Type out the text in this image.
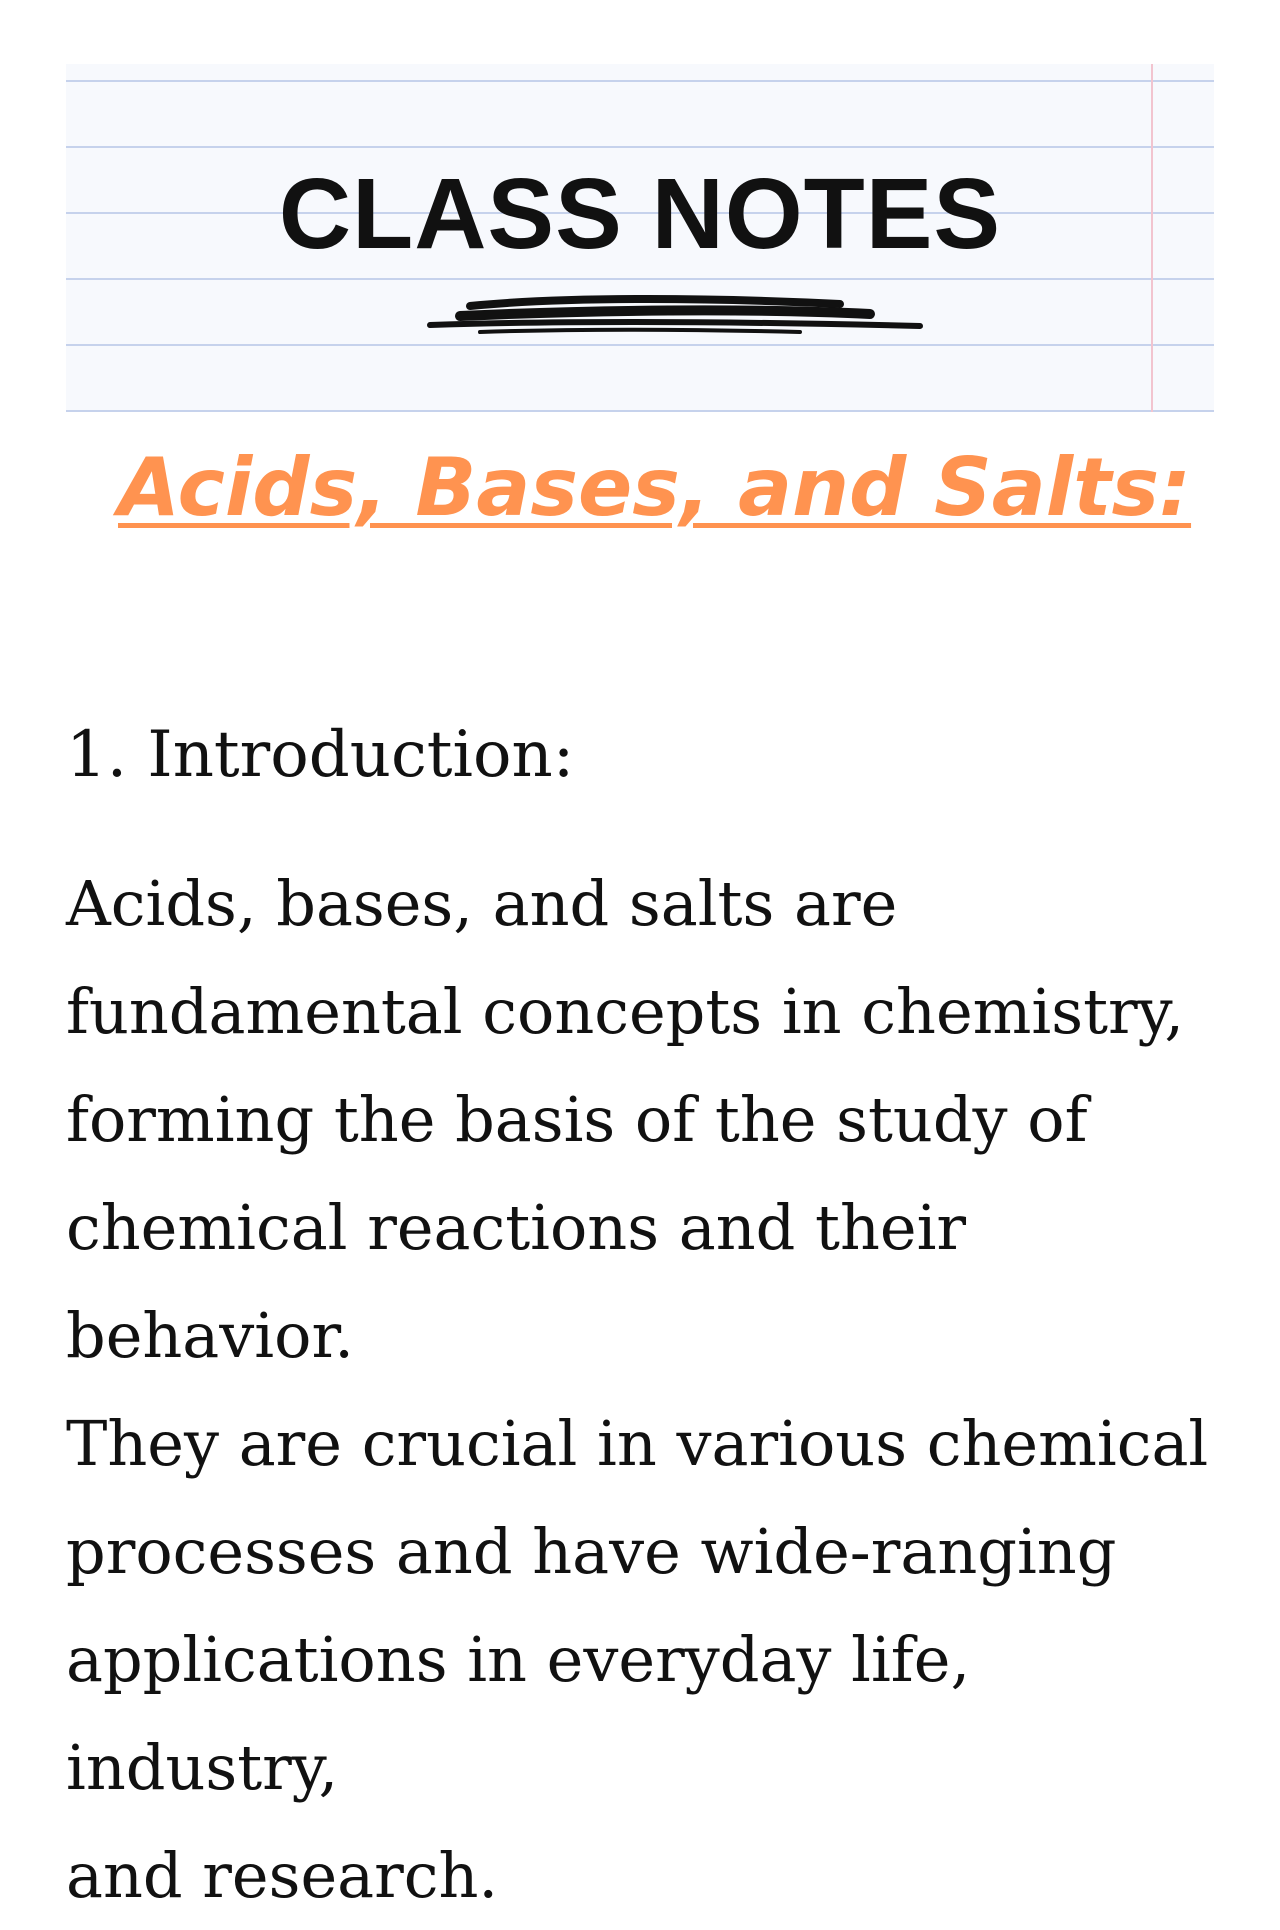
CLASS NOTES
Acids, Bases, and Salts:
1. Introduction:
Acids, bases, and salts are
fundamental concepts in chemistry,
forming the basis of the study of
chemical reactions and their behavior.
They are crucial in various chemical
processes and have wide-ranging
applications in everyday life, industry,
and research.
